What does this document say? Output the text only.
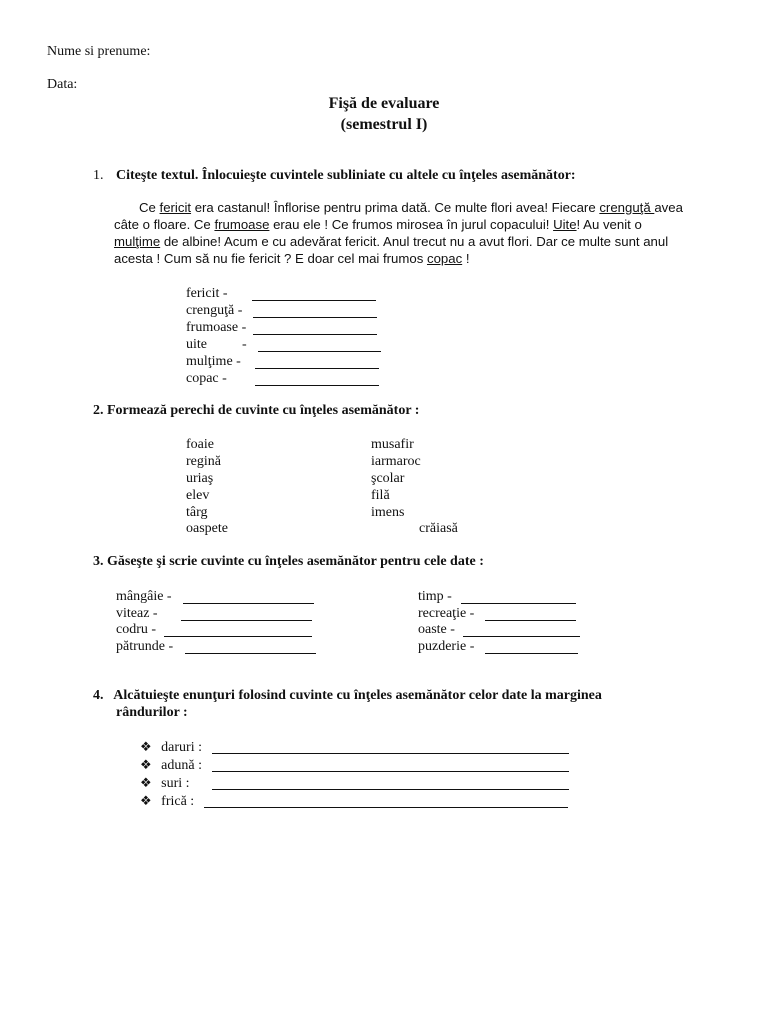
Nume si prenume:
Data:
Fişă de evaluare
(semestrul I)
1. Citeşte textul. Înlocuieşte cuvintele subliniate cu altele cu înţeles asemănător:
Ce fericit era castanul! Înflorise pentru prima dată. Ce multe flori avea! Fiecare crenguţă avea
câte o floare. Ce frumoase erau ele ! Ce frumos mirosea în jurul copacului! Uite! Au venit o
mulţime de albine! Acum e cu adevărat fericit. Anul trecut nu a avut flori. Dar ce multe sunt anul
acesta ! Cum să nu fie fericit ? E doar cel mai frumos copac !
fericit -
crenguţă -
frumoase -
uite          -
mulţime -
copac -
2. Formează perechi de cuvinte cu înţeles asemănător :
foaie
regină
uriaş
elev
târg
oaspete
musafir
iarmaroc
şcolar
filă
imens
crăiasă
3. Găseşte şi scrie cuvinte cu înţeles asemănător pentru cele date :
mângâie -
viteaz -
codru -
pătrunde -
timp -
recreaţie -
oaste -
puzderie -
4.   Alcătuieşte enunţuri folosind cuvinte cu înţeles asemănător celor date la marginea
rândurilor :
❖ daruri :
❖ adună :
❖ suri :
❖ frică :
